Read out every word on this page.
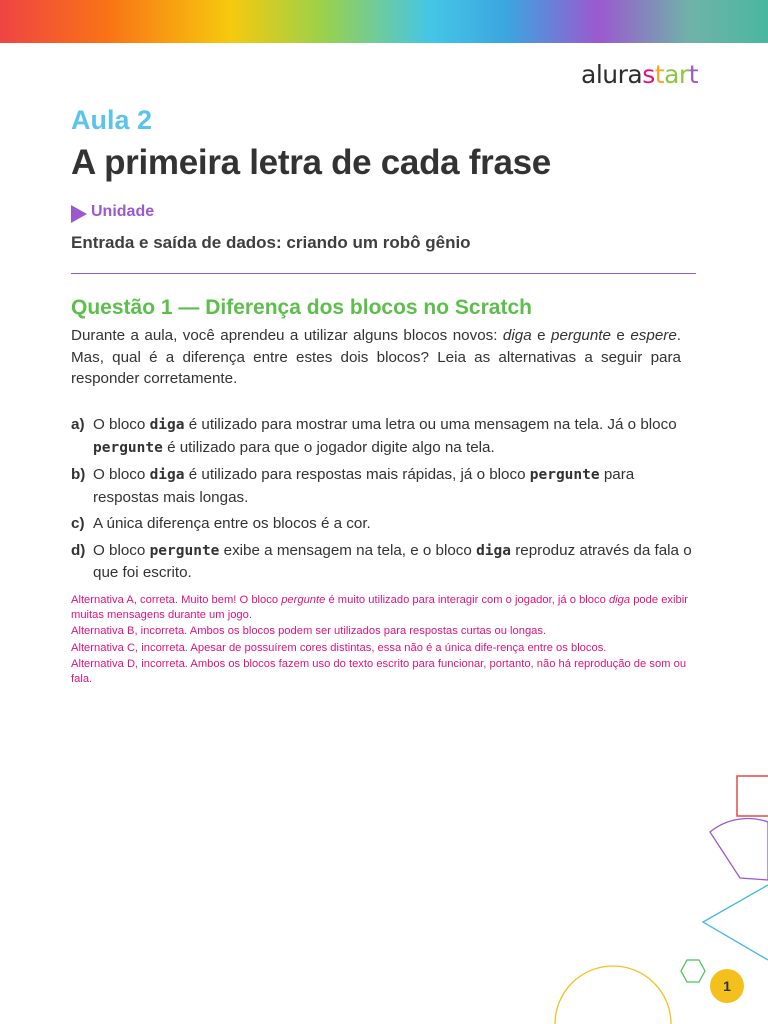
alurastart
Aula 2
A primeira letra de cada frase
Unidade
Entrada e saída de dados: criando um robô gênio
Questão 1 — Diferença dos blocos no Scratch
Durante a aula, você aprendeu a utilizar alguns blocos novos: diga e pergunte e espere. Mas, qual é a diferença entre estes dois blocos? Leia as alternativas a seguir para responder corretamente.
a) O bloco diga é utilizado para mostrar uma letra ou uma mensagem na tela. Já o bloco pergunte é utilizado para que o jogador digite algo na tela.
b) O bloco diga é utilizado para respostas mais rápidas, já o bloco pergunte para respostas mais longas.
c) A única diferença entre os blocos é a cor.
d) O bloco pergunte exibe a mensagem na tela, e o bloco diga reproduz através da fala o que foi escrito.

Alternativa A, correta. Muito bem! O bloco pergunte é muito utilizado para interagir com o jogador, já o bloco diga pode exibir muitas mensagens durante um jogo.

Alternativa B, incorreta. Ambos os blocos podem ser utilizados para respostas curtas ou longas.

Alternativa C, incorreta. Apesar de possuírem cores distintas, essa não é a única dife-rença entre os blocos.

Alternativa D, incorreta. Ambos os blocos fazem uso do texto escrito para funcionar, portanto, não há reprodução de som ou fala.

1
